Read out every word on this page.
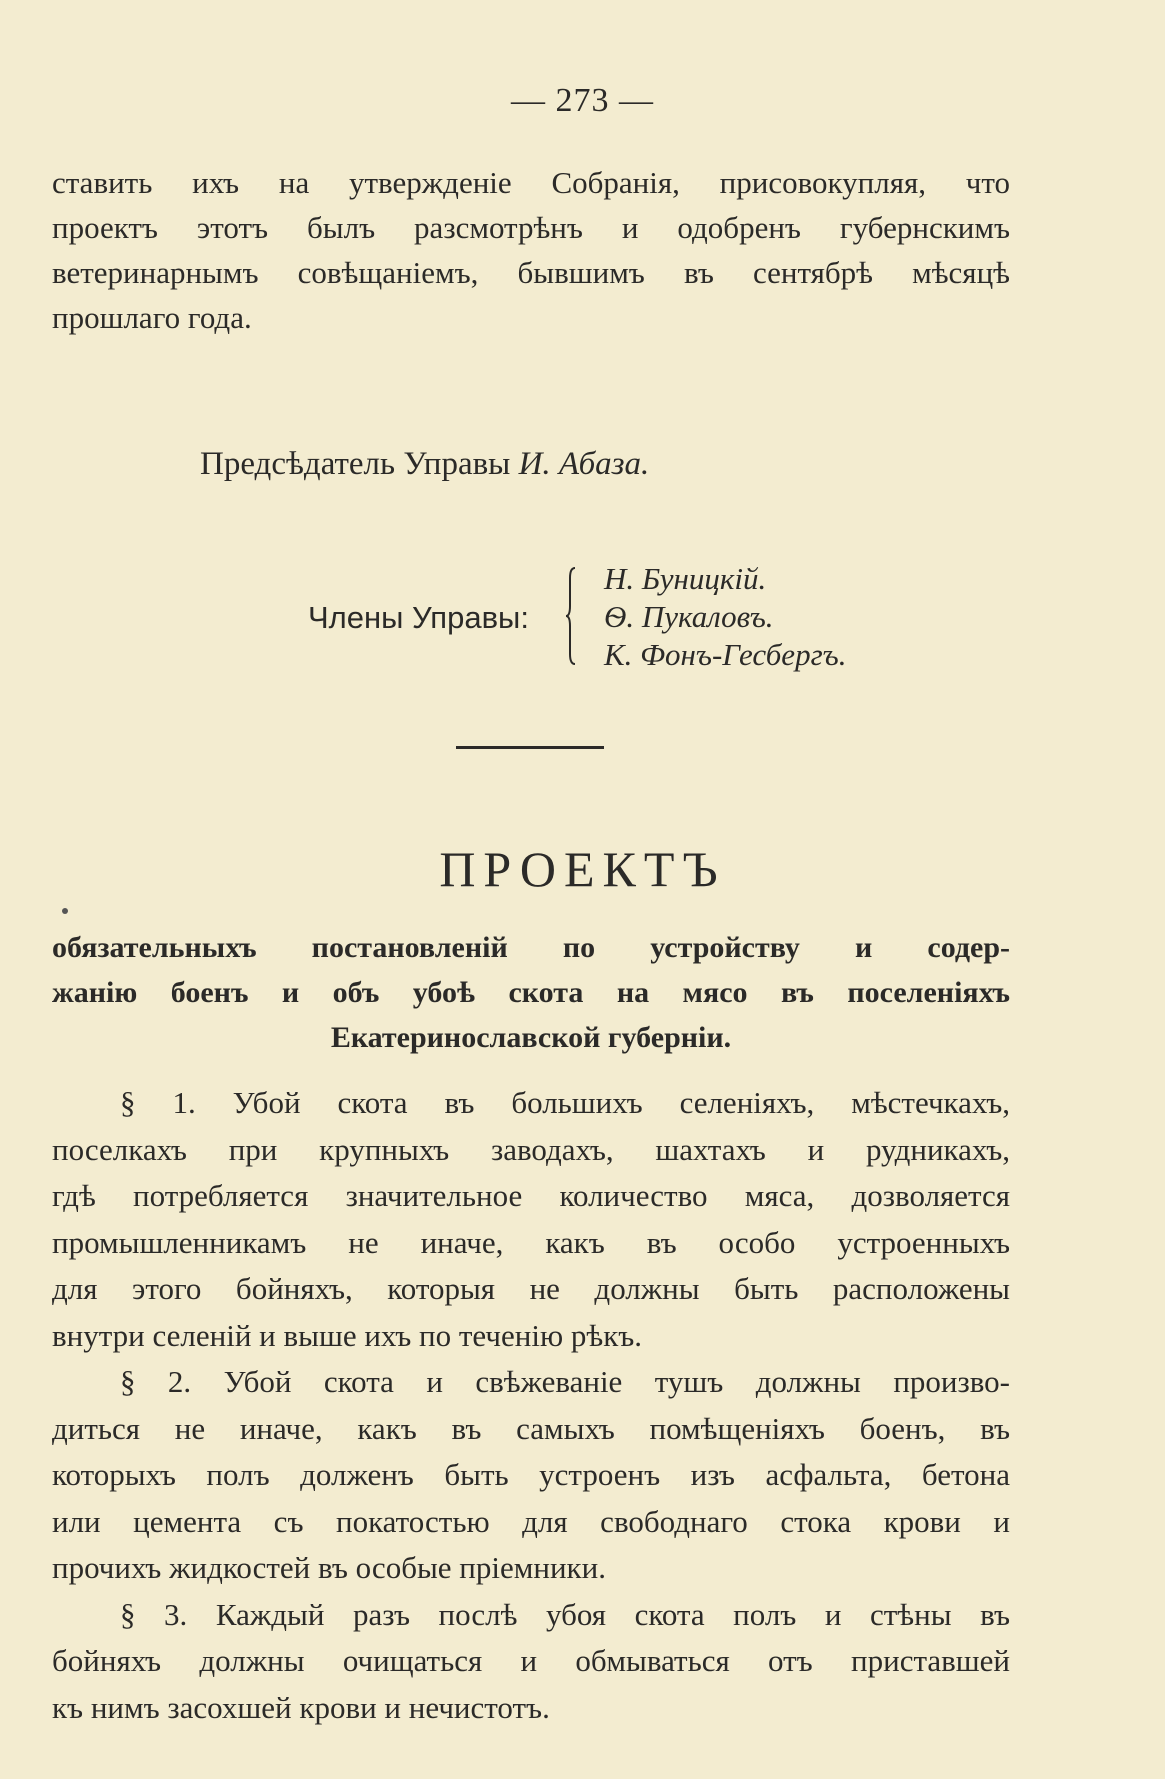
— 273 —
ставить ихъ на утвержденіе Собранія, присовокупляя, что
проектъ этотъ былъ разсмотрѣнъ и одобренъ губернскимъ
ветеринарнымъ совѣщаніемъ, бывшимъ въ сентябрѣ мѣсяцѣ
прошлаго года.
Предсѣдатель Управы И. Абаза.
Члены Управы:
Н. Буницкій.
Ѳ. Пукаловъ.
К. Фонъ-Гесбергъ.
ПРОЕКТЪ
обязательныхъ постановленій по устройству и содер-
жанію боенъ и объ убоѣ скота на мясо въ поселеніяхъ
Екатеринославской губерніи.
§ 1. Убой скота въ большихъ селеніяхъ, мѣстечкахъ,
поселкахъ при крупныхъ заводахъ, шахтахъ и рудникахъ,
гдѣ потребляется значительное количество мяса, дозволяется
промышленникамъ не иначе, какъ въ особо устроенныхъ
для этого бойняхъ, которыя не должны быть расположены
внутри селеній и выше ихъ по теченію рѣкъ.
§ 2. Убой скота и свѣжеваніе тушъ должны произво-
диться не иначе, какъ въ самыхъ помѣщеніяхъ боенъ, въ
которыхъ полъ долженъ быть устроенъ изъ асфальта, бетона
или цемента съ покатостью для свободнаго стока крови и
прочихъ жидкостей въ особые пріемники.
§ 3. Каждый разъ послѣ убоя скота полъ и стѣны въ
бойняхъ должны очищаться и обмываться отъ приставшей
къ нимъ засохшей крови и нечистотъ.
